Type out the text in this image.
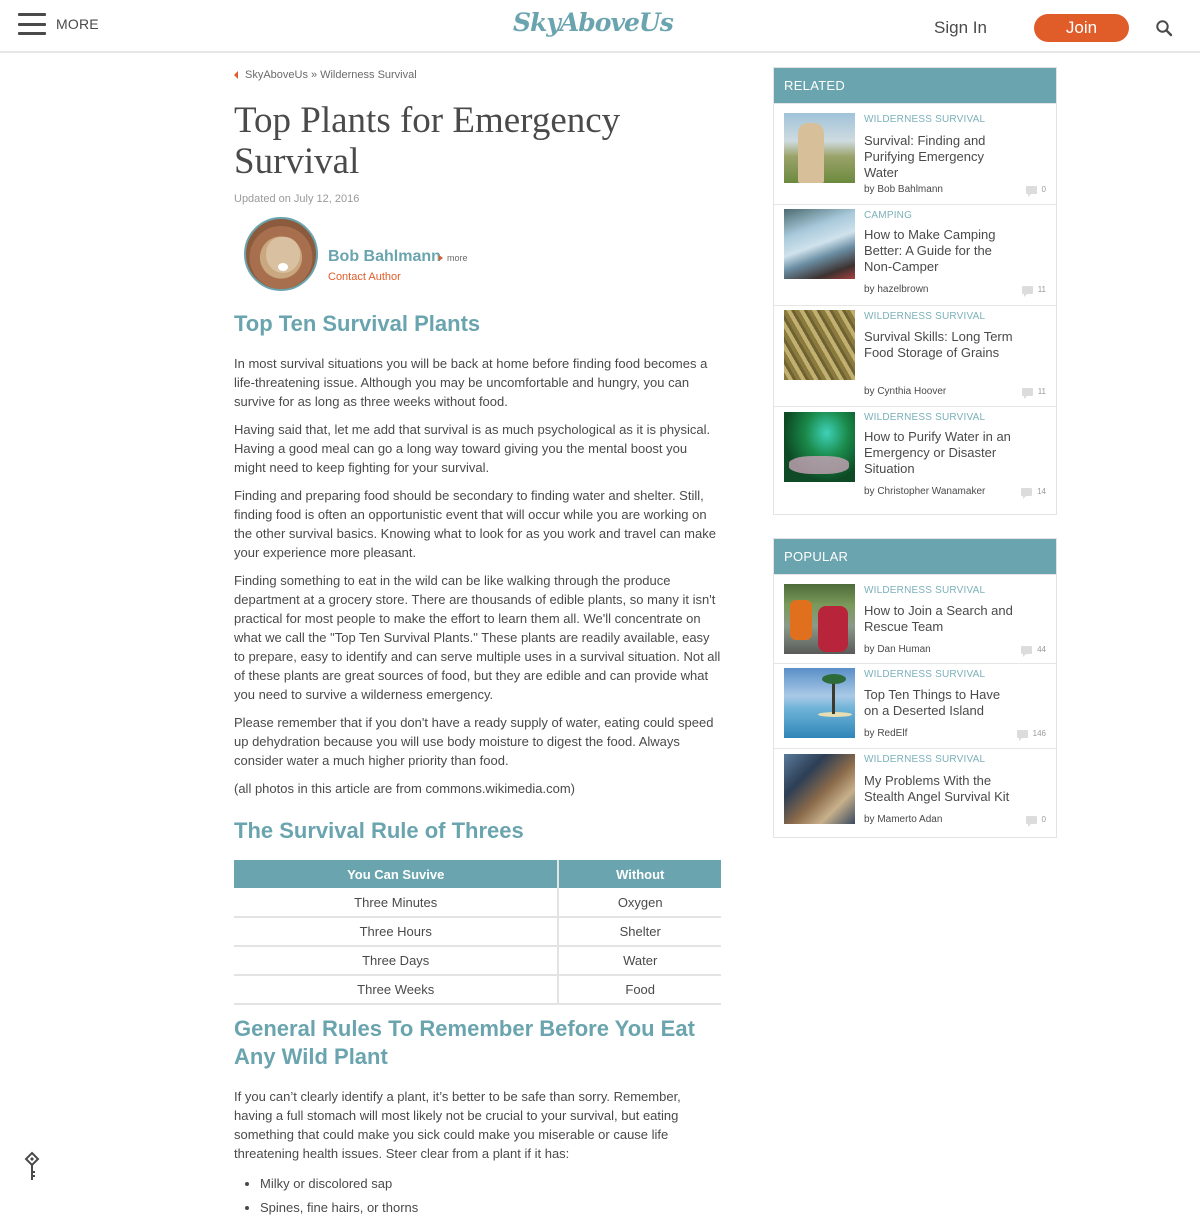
MORE	SkyAboveUs	Sign In	Join
SkyAboveUs » Wilderness Survival
Top Plants for Emergency Survival
Updated on July 12, 2016
Bob Bahlmann more
Contact Author
Top Ten Survival Plants

In most survival situations you will be back at home before finding food becomes a life-threatening issue. Although you may be uncomfortable and hungry, you can survive for as long as three weeks without food.

Having said that, let me add that survival is as much psychological as it is physical. Having a good meal can go a long way toward giving you the mental boost you might need to keep fighting for your survival.

Finding and preparing food should be secondary to finding water and shelter. Still, finding food is often an opportunistic event that will occur while you are working on the other survival basics. Knowing what to look for as you work and travel can make your experience more pleasant.

Finding something to eat in the wild can be like walking through the produce department at a grocery store. There are thousands of edible plants, so many it isn't practical for most people to make the effort to learn them all. We'll concentrate on what we call the "Top Ten Survival Plants." These plants are readily available, easy to prepare, easy to identify and can serve multiple uses in a survival situation. Not all of these plants are great sources of food, but they are edible and can provide what you need to survive a wilderness emergency.

Please remember that if you don't have a ready supply of water, eating could speed up dehydration because you will use body moisture to digest the food. Always consider water a much higher priority than food.

(all photos in this article are from commons.wikimedia.com)

The Survival Rule of Threes
You Can Suvive	Without
Three Minutes	Oxygen
Three Hours	Shelter
Three Days	Water
Three Weeks	Food
General Rules To Remember Before You Eat Any Wild Plant

If you can’t clearly identify a plant, it’s better to be safe than sorry. Remember, having a full stomach will most likely not be crucial to your survival, but eating something that could make you sick could make you miserable or cause life threatening health issues. Steer clear from a plant if it has:

• Milky or discolored sap
• Spines, fine hairs, or thorns
RELATED
WILDERNESS SURVIVAL
Survival: Finding and Purifying Emergency Water
by Bob Bahlmann	0
CAMPING
How to Make Camping Better: A Guide for the Non-Camper
by hazelbrown	11
WILDERNESS SURVIVAL
Survival Skills: Long Term Food Storage of Grains
by Cynthia Hoover	11
WILDERNESS SURVIVAL
How to Purify Water in an Emergency or Disaster Situation
by Christopher Wanamaker	14
POPULAR
WILDERNESS SURVIVAL
How to Join a Search and Rescue Team
by Dan Human	44
WILDERNESS SURVIVAL
Top Ten Things to Have on a Deserted Island
by RedElf	146
WILDERNESS SURVIVAL
My Problems With the Stealth Angel Survival Kit
by Mamerto Adan	0
